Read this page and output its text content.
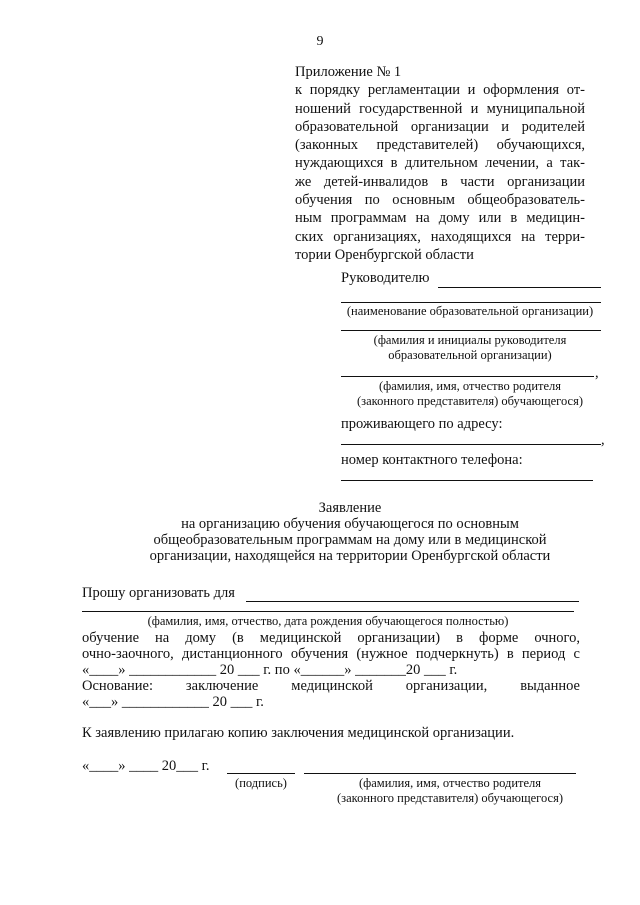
9
Приложение № 1
к порядку регламентации и оформления от-
ношений государственной и муниципальной
образовательной организации и родителей
(законных представителей) обучающихся,
нуждающихся в длительном лечении, а так-
же детей-инвалидов в части организации
обучения по основным общеобразователь-
ным программам на дому или в медицин-
ских организациях, находящихся на терри-
тории Оренбургской области
Руководителю
(наименование образовательной организации)
(фамилия и инициалы руководителя
образовательной организации)
,
(фамилия, имя, отчество родителя
(законного представителя) обучающегося)
проживающего по адресу:
,
номер контактного телефона:
Заявление
на организацию обучения обучающегося по основным
общеобразовательным программам на дому или в медицинской
организации, находящейся на территории Оренбургской области
Прошу организовать для
(фамилия, имя, отчество, дата рождения обучающегося полностью)
обучение на дому (в медицинской организации) в форме очного,
очно-заочного, дистанционного обучения (нужное подчеркнуть) в период с
«____» ____________ 20 ___ г. по «______» _______20 ___ г.
Основание: заключение медицинской организации, выданное
«___» ____________ 20 ___ г.
К заявлению прилагаю копию заключения медицинской организации.
«____» ____ 20___ г.
(подпись)	(фамилия, имя, отчество родителя
(законного представителя) обучающегося)
